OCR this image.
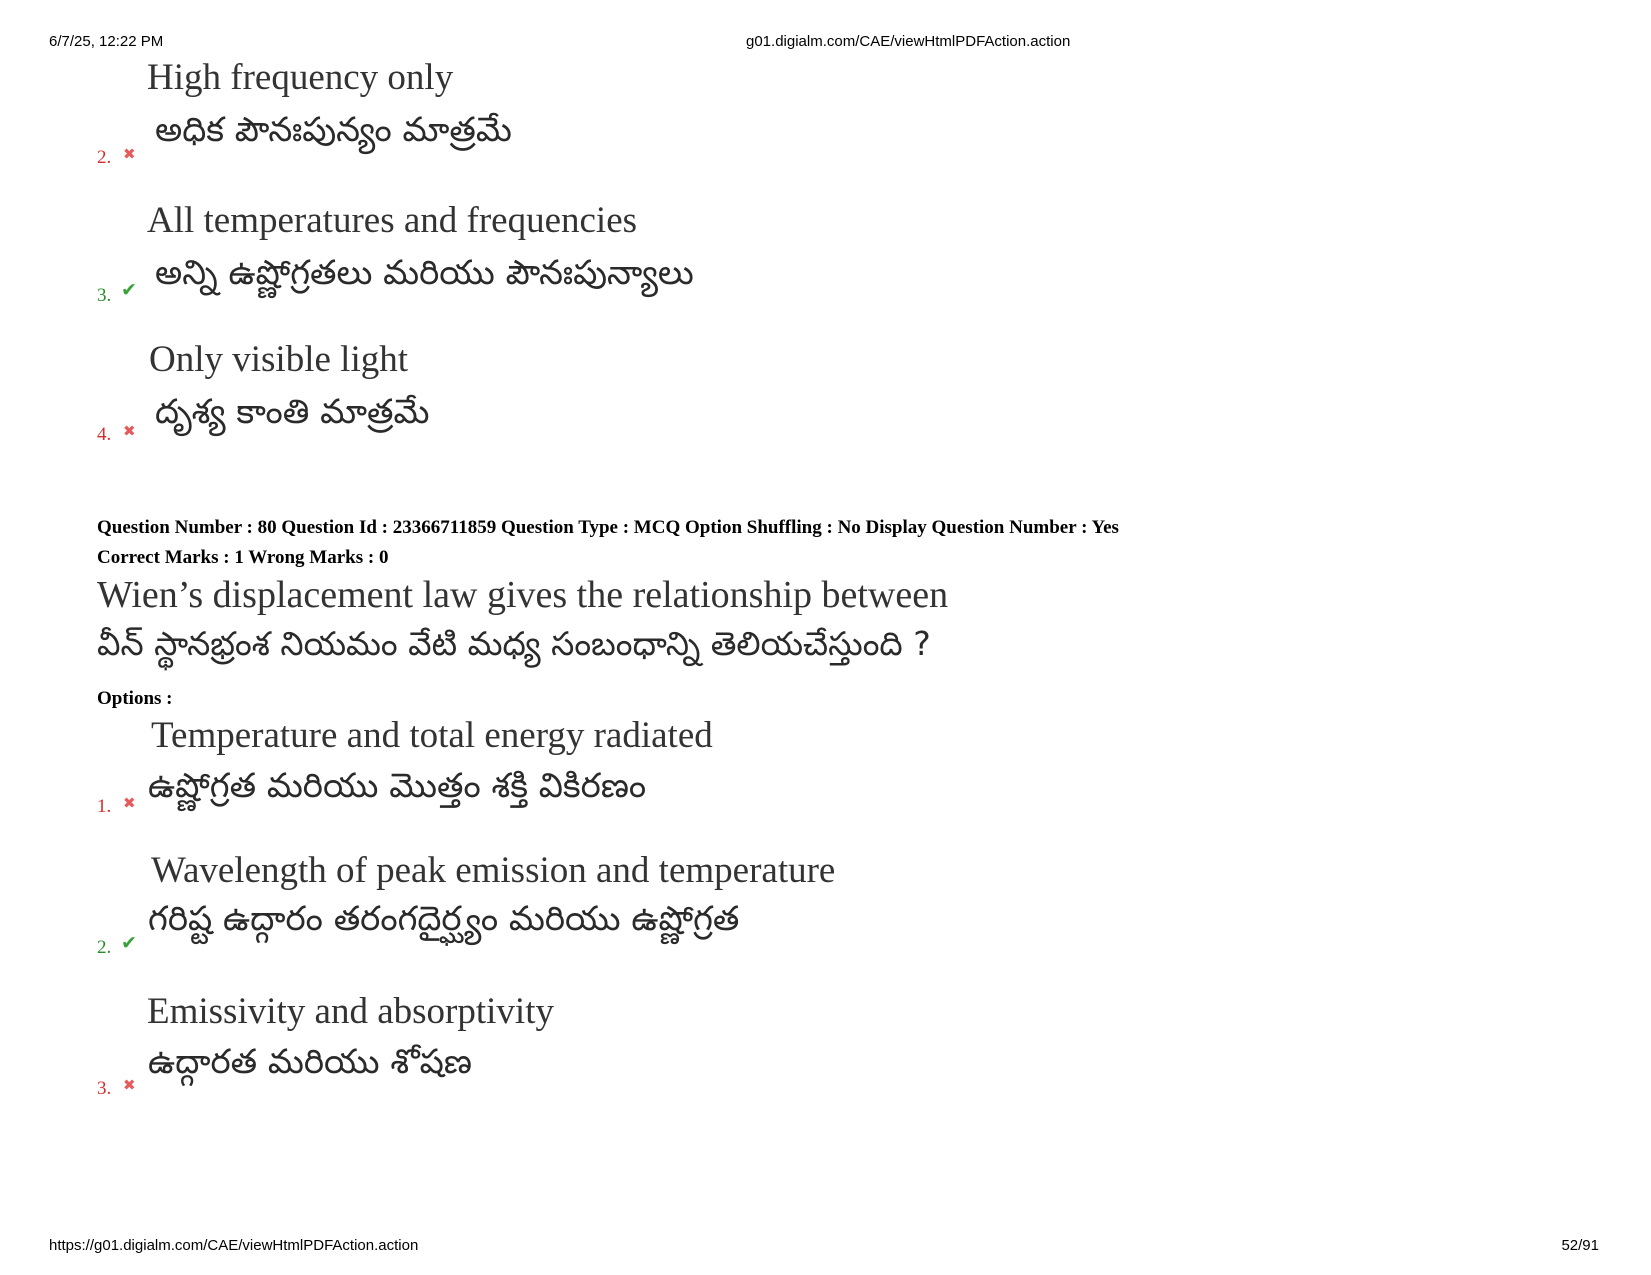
6/7/25, 12:22 PM	g01.digialm.com/CAE/viewHtmlPDFAction.action
High frequency only
అధిక పౌనఃపున్యం మాత్రమే
2. ✖
All temperatures and frequencies
అన్ని ఉష్ణోగ్రతలు మరియు పౌనఃపున్యాలు
3. ✔
Only visible light
దృశ్య కాంతి మాత్రమే
4. ✖
Question Number : 80 Question Id : 23366711859 Question Type : MCQ Option Shuffling : No Display Question Number : Yes
Correct Marks : 1 Wrong Marks : 0
Wien’s displacement law gives the relationship between
వీన్ స్థానభ్రంశ నియమం వేటి మధ్య సంబంధాన్ని తెలియచేస్తుంది ?
Options :
Temperature and total energy radiated
ఉష్ణోగ్రత మరియు మొత్తం శక్తి వికిరణం
1. ✖
Wavelength of peak emission and temperature
గరిష్ట ఉద్గారం తరంగదైర్ఘ్యం మరియు ఉష్ణోగ్రత
2. ✔
Emissivity and absorptivity
ఉద్గారత మరియు శోషణ
3. ✖
https://g01.digialm.com/CAE/viewHtmlPDFAction.action	52/91
